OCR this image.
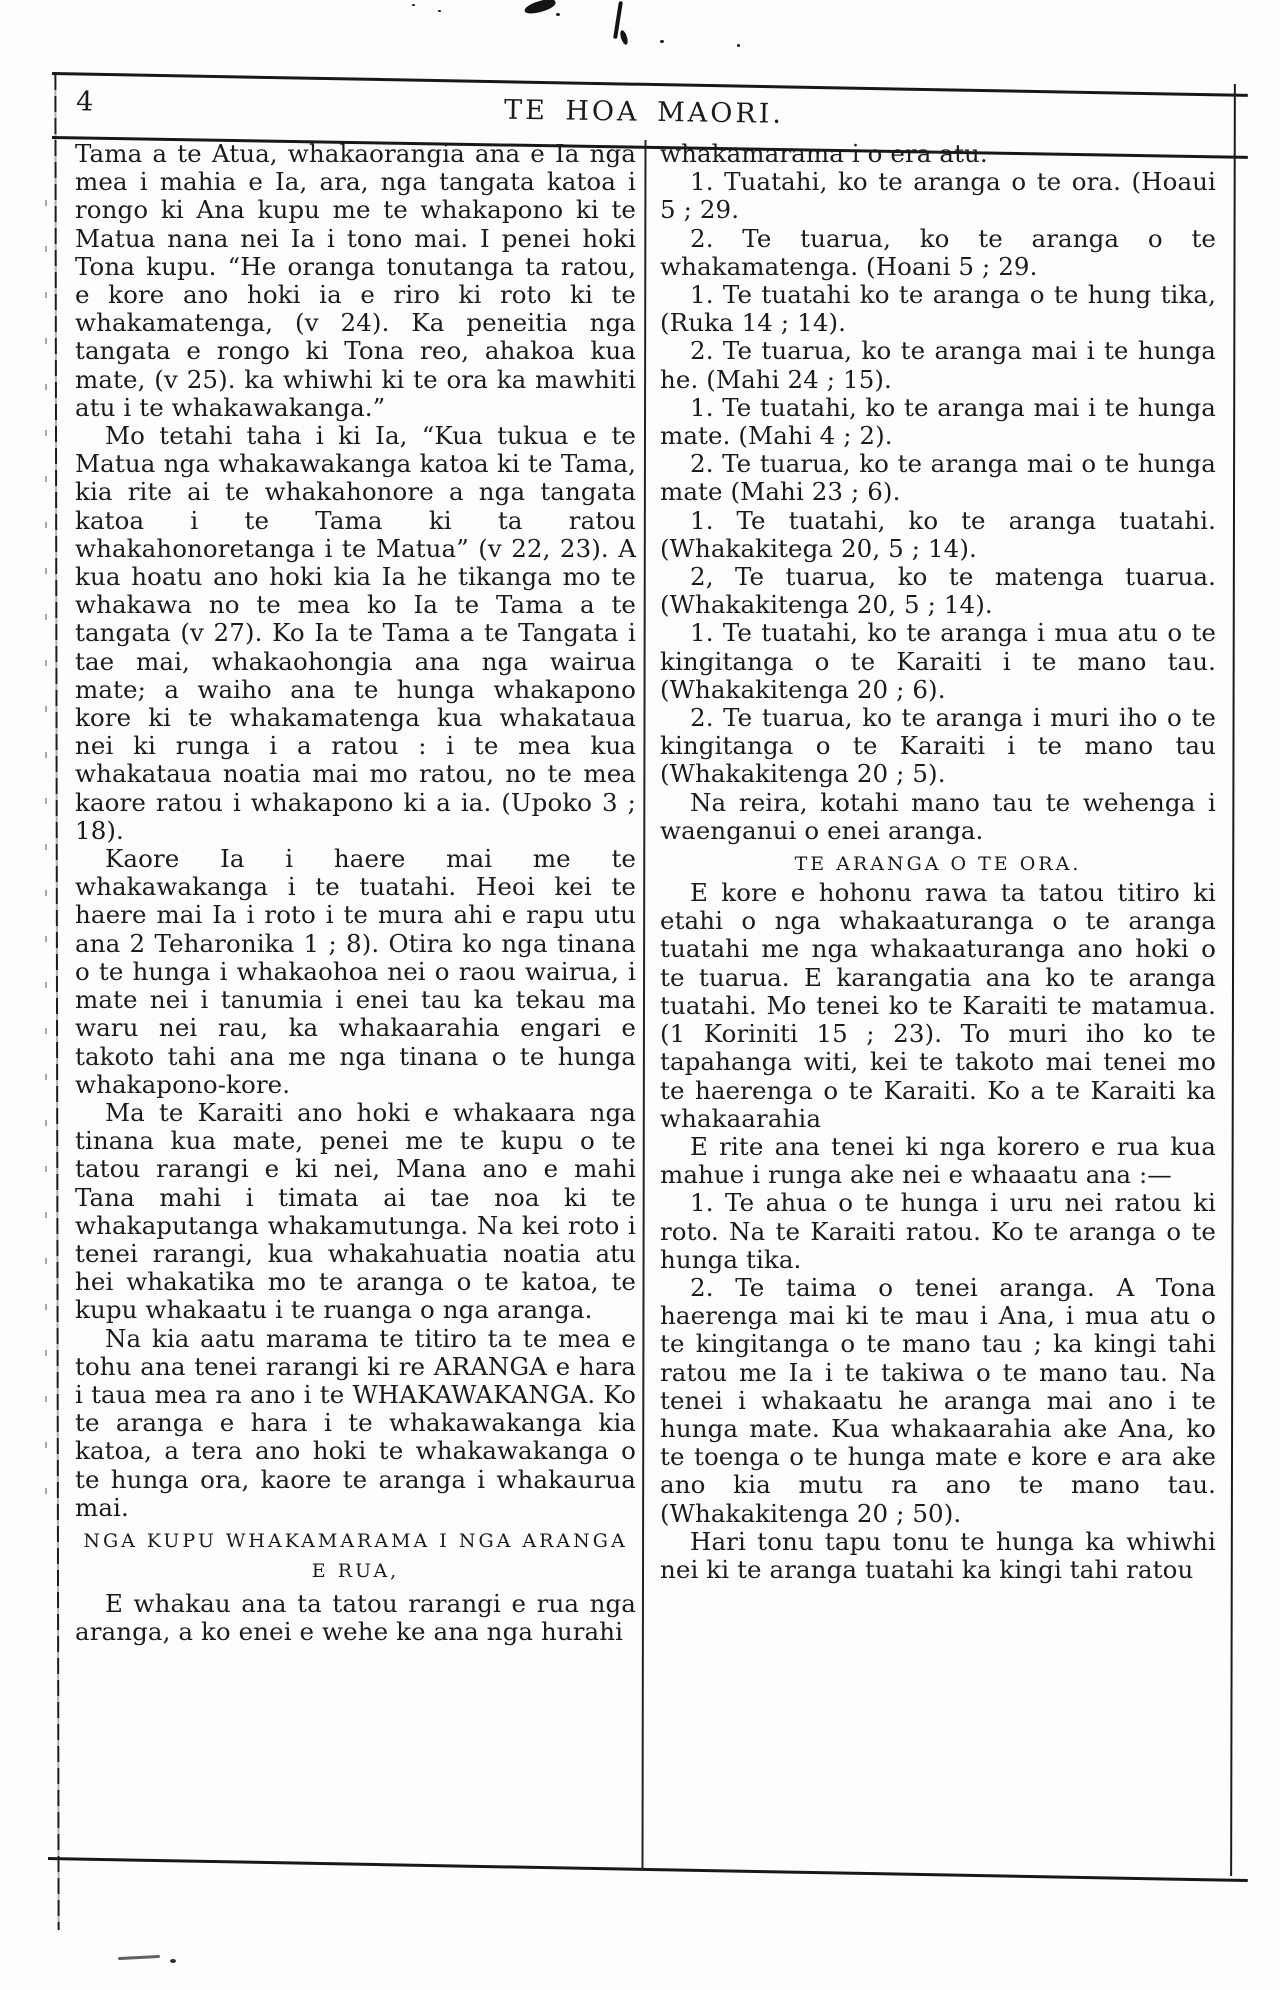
4	TE HOA MAORI.

Tama a te Atua, whakaorangia ana e Ia nga mea i mahia e Ia, ara, nga tangata katoa i rongo ki Ana kupu me te whakapono ki te Matua nana nei Ia i tono mai. I penei hoki Tona kupu. “He oranga tonutanga ta ratou, e kore ano hoki ia e riro ki roto ki te whakamatenga, (v 24). Ka peneitia nga tangata e rongo ki Tona reo, ahakoa kua mate, (v 25). ka whiwhi ki te ora ka mawhiti atu i te whakawakanga.”

Mo tetahi taha i ki Ia, “Kua tukua e te Matua nga whakawakanga katoa ki te Tama, kia rite ai te whakahonore a nga tangata katoa i te Tama ki ta ratou whakahonoretanga i te Matua” (v 22, 23). A kua hoatu ano hoki kia Ia he tikanga mo te whakawa no te mea ko Ia te Tama a te tangata (v 27). Ko Ia te Tama a te Tangata i tae mai, whakaohongia ana nga wairua mate; a waiho ana te hunga whakapono kore ki te whakamatenga kua whakataua nei ki runga i a ratou : i te mea kua whakataua noatia mai mo ratou, no te mea kaore ratou i whakapono ki a ia. (Upoko 3 ; 18).

Kaore Ia i haere mai me te whakawakanga i te tuatahi. Heoi kei te haere mai Ia i roto i te mura ahi e rapu utu ana 2 Teharonika 1 ; 8). Otira ko nga tinana o te hunga i whakaohoa nei o raou wairua, i mate nei i tanumia i enei tau ka tekau ma waru nei rau, ka whakaarahia engari e takoto tahi ana me nga tinana o te hunga whakapono-kore.

Ma te Karaiti ano hoki e whakaara nga tinana kua mate, penei me te kupu o te tatou rarangi e ki nei, Mana ano e mahi Tana mahi i timata ai tae noa ki te whakaputanga whakamutunga. Na kei roto i tenei rarangi, kua whakahuatia noatia atu hei whakatika mo te aranga o te katoa, te kupu whakaatu i te ruanga o nga aranga.

Na kia aatu marama te titiro ta te mea e tohu ana tenei rarangi ki re ARANGA e hara i taua mea ra ano i te WHAKAWAKANGA. Ko te aranga e hara i te whakawakanga kia katoa, a tera ano hoki te whakawakanga o te hunga ora, kaore te aranga i whakaurua mai.

NGA KUPU WHAKAMARAMA I NGA ARANGA

E RUA,

E whakau ana ta tatou rarangi e rua nga aranga, a ko enei e wehe ke ana nga hurahi

whakamarama i o era atu.

1. Tuatahi, ko te aranga o te ora. (Hoaui 5 ; 29.

2. Te tuarua, ko te aranga o te whakamatenga. (Hoani 5 ; 29.

1. Te tuatahi ko te aranga o te hung tika, (Ruka 14 ; 14).

2. Te tuarua, ko te aranga mai i te hunga he. (Mahi 24 ; 15).

1. Te tuatahi, ko te aranga mai i te hunga mate. (Mahi 4 ; 2).

2. Te tuarua, ko te aranga mai o te hunga mate (Mahi 23 ; 6).

1. Te tuatahi, ko te aranga tuatahi. (Whakakitega 20, 5 ; 14).

2, Te tuarua, ko te matenga tuarua. (Whakakitenga 20, 5 ; 14).

1. Te tuatahi, ko te aranga i mua atu o te kingitanga o te Karaiti i te mano tau. (Whakakitenga 20 ; 6).

2. Te tuarua, ko te aranga i muri iho o te kingitanga o te Karaiti i te mano tau (Whakakitenga 20 ; 5).

Na reira, kotahi mano tau te wehenga i waenganui o enei aranga.

TE ARANGA O TE ORA.

E kore e hohonu rawa ta tatou titiro ki etahi o nga whakaaturanga o te aranga tuatahi me nga whakaaturanga ano hoki o te tuarua. E karangatia ana ko te aranga tuatahi. Mo tenei ko te Karaiti te matamua. (1 Koriniti 15 ; 23). To muri iho ko te tapahanga witi, kei te takoto mai tenei mo te haerenga o te Karaiti. Ko a te Karaiti ka whakaarahia

E rite ana tenei ki nga korero e rua kua mahue i runga ake nei e whaaatu ana :—

1. Te ahua o te hunga i uru nei ratou ki roto. Na te Karaiti ratou. Ko te aranga o te hunga tika.

2. Te taima o tenei aranga. A Tona haerenga mai ki te mau i Ana, i mua atu o te kingitanga o te mano tau ; ka kingi tahi ratou me Ia i te takiwa o te mano tau. Na tenei i whakaatu he aranga mai ano i te hunga mate. Kua whakaarahia ake Ana, ko te toenga o te hunga mate e kore e ara ake ano kia mutu ra ano te mano tau. (Whakakitenga 20 ; 50).

Hari tonu tapu tonu te hunga ka whiwhi nei ki te aranga tuatahi ka kingi tahi ratou
